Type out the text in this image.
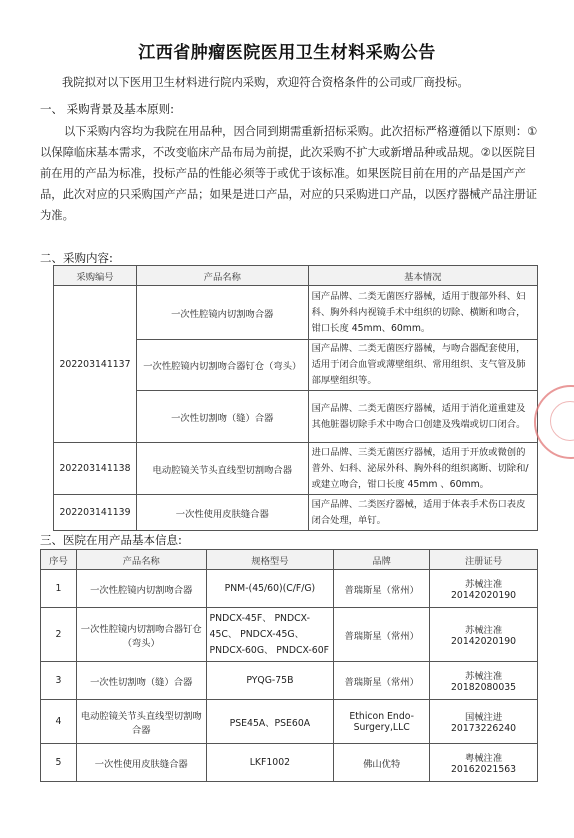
江西省肿瘤医院医用卫生材料采购公告
我院拟对以下医用卫生材料进行院内采购，欢迎符合资格条件的公司或厂商投标。
一、 采购背景及基本原则:
以下采购内容均为我院在用品种，因合同到期需重新招标采购。此次招标严格遵循以下原则：①以保障临床基本需求，不改变临床产品布局为前提，此次采购不扩大或新增品种或品规。②以医院目前在用的产品为标准，投标产品的性能必须等于或优于该标准。如果医院目前在用的产品是国产产品，此次对应的只采购国产产品；如果是进口产品，对应的只采购进口产品，以医疗器械产品注册证为准。
二、采购内容:
采购编号	产品名称	基本情况
202203141137	一次性腔镜内切割吻合器	国产品牌、二类无菌医疗器械，适用于腹部外科、妇科、胸外科内视镜手术中组织的切除、横断和吻合，钳口长度 45mm、60mm。
	一次性腔镜内切割吻合器钉仓（弯头）	国产品牌、二类无菌医疗器械，与吻合器配套使用，适用于闭合血管或薄壁组织、常用组织、支气管及肺部厚壁组织等。
	一次性切割吻（缝）合器	国产品牌、二类无菌医疗器械，适用于消化道重建及其他脏器切除手术中吻合口创建及残端或切口闭合。
202203141138	电动腔镜关节头直线型切割吻合器	进口品牌、三类无菌医疗器械，适用于开放或微创的普外、妇科、泌尿外科、胸外科的组织离断、切除和/或建立吻合，钳口长度 45mm 、60mm。
202203141139	一次性使用皮肤缝合器	国产品牌、二类医疗器械，适用于体表手术伤口表皮闭合处理，单钉。
三、医院在用产品基本信息:
序号	产品名称	规格型号	品牌	注册证号
1	一次性腔镜内切割吻合器	PNM-(45/60)(C/F/G)	普瑞斯星（常州）	苏械注准 20142020190
2	一次性腔镜内切割吻合器钉仓（弯头）	PNDCX-45F、 PNDCX-45C、 PNDCX-45G、 PNDCX-60G、 PNDCX-60F	普瑞斯星（常州）	苏械注准 20142020190
3	一次性切割吻（缝）合器	PYQG-75B	普瑞斯星（常州）	苏械注准 20182080035
4	电动腔镜关节头直线型切割吻合器	PSE45A、PSE60A	Ethicon Endo-Surgery,LLC	国械注进 20173226240
5	一次性使用皮肤缝合器	LKF1002	佛山优特	粤械注准 20162021563
